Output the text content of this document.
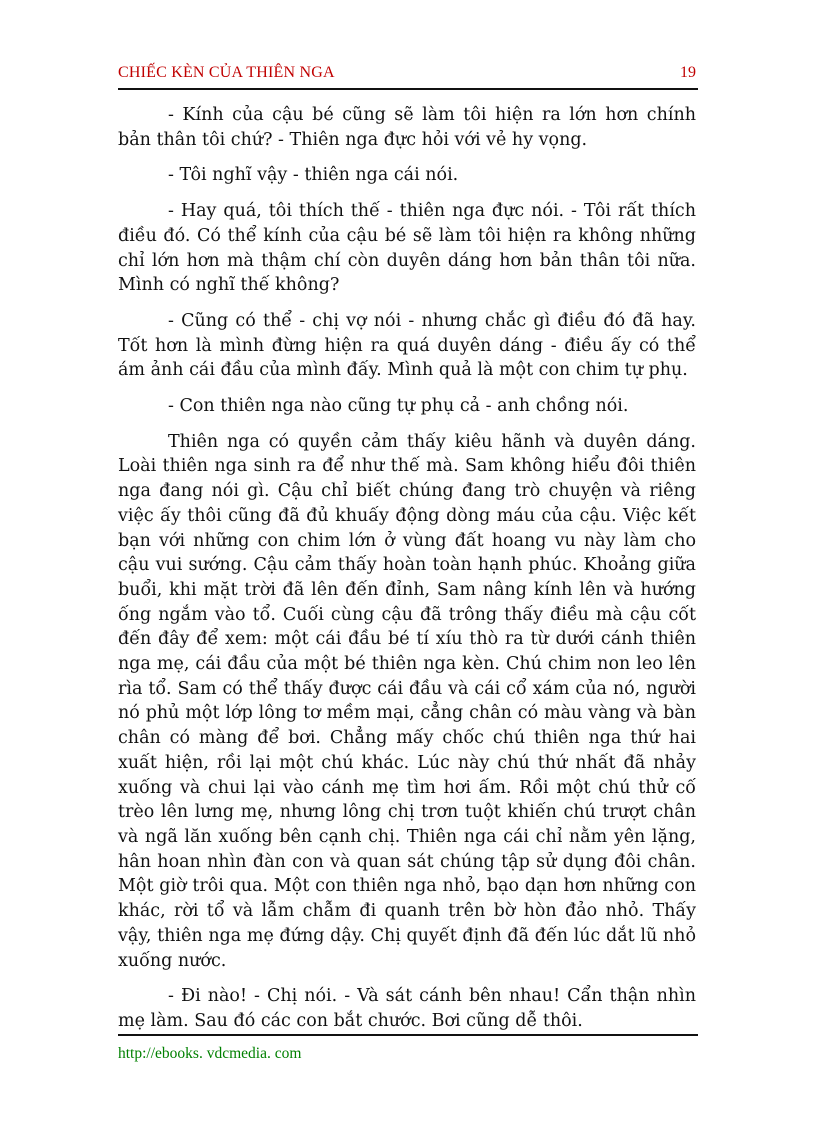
CHIẾC KÈN CỦA THIÊN NGA	19

- Kính của cậu bé cũng sẽ làm tôi hiện ra lớn hơn chính bản thân tôi chứ? - Thiên nga đực hỏi với vẻ hy vọng.

- Tôi nghĩ vậy - thiên nga cái nói.

- Hay quá, tôi thích thế - thiên nga đực nói. - Tôi rất thích điều đó. Có thể kính của cậu bé sẽ làm tôi hiện ra không những chỉ lớn hơn mà thậm chí còn duyên dáng hơn bản thân tôi nữa. Mình có nghĩ thế không?

- Cũng có thể - chị vợ nói - nhưng chắc gì điều đó đã hay. Tốt hơn là mình đừng hiện ra quá duyên dáng - điều ấy có thể ám ảnh cái đầu của mình đấy. Mình quả là một con chim tự phụ.

- Con thiên nga nào cũng tự phụ cả - anh chồng nói.

Thiên nga có quyền cảm thấy kiêu hãnh và duyên dáng. Loài thiên nga sinh ra để như thế mà. Sam không hiểu đôi thiên nga đang nói gì. Cậu chỉ biết chúng đang trò chuyện và riêng việc ấy thôi cũng đã đủ khuấy động dòng máu của cậu. Việc kết bạn với những con chim lớn ở vùng đất hoang vu này làm cho cậu vui sướng. Cậu cảm thấy hoàn toàn hạnh phúc. Khoảng giữa buổi, khi mặt trời đã lên đến đỉnh, Sam nâng kính lên và hướng ống ngắm vào tổ. Cuối cùng cậu đã trông thấy điều mà cậu cốt đến đây để xem: một cái đầu bé tí xíu thò ra từ dưới cánh thiên nga mẹ, cái đầu của một bé thiên nga kèn. Chú chim non leo lên rìa tổ. Sam có thể thấy được cái đầu và cái cổ xám của nó, người nó phủ một lớp lông tơ mềm mại, cẳng chân có màu vàng và bàn chân có màng để bơi. Chẳng mấy chốc chú thiên nga thứ hai xuất hiện, rồi lại một chú khác. Lúc này chú thứ nhất đã nhảy xuống và chui lại vào cánh mẹ tìm hơi ấm. Rồi một chú thử cố trèo lên lưng mẹ, nhưng lông chị trơn tuột khiến chú trượt chân và ngã lăn xuống bên cạnh chị. Thiên nga cái chỉ nằm yên lặng, hân hoan nhìn đàn con và quan sát chúng tập sử dụng đôi chân. Một giờ trôi qua. Một con thiên nga nhỏ, bạo dạn hơn những con khác, rời tổ và lẫm chẫm đi quanh trên bờ hòn đảo nhỏ. Thấy vậy, thiên nga mẹ đứng dậy. Chị quyết định đã đến lúc dắt lũ nhỏ xuống nước.

- Đi nào! - Chị nói. - Và sát cánh bên nhau! Cẩn thận nhìn mẹ làm. Sau đó các con bắt chước. Bơi cũng dễ thôi.

http://ebooks. vdcmedia. com
